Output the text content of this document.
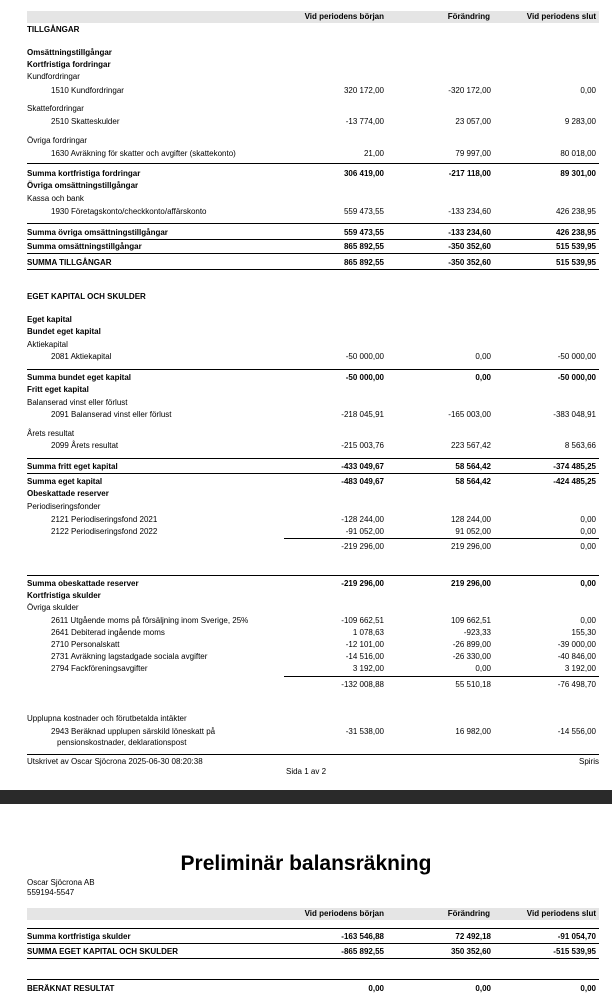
Vid periodens början	Förändring	Vid periodens slut
TILLGÅNGAR
Omsättningstillgångar
Kortfristiga fordringar
Kundfordringar
1510 Kundfordringar	320 172,00	-320 172,00	0,00
Skattefordringar
2510 Skatteskulder	-13 774,00	23 057,00	9 283,00
Övriga fordringar
1630 Avräkning för skatter och avgifter (skattekonto)	21,00	79 997,00	80 018,00
Summa kortfristiga fordringar	306 419,00	-217 118,00	89 301,00
Övriga omsättningstillgångar
Kassa och bank
1930 Företagskonto/checkkonto/affärskonto	559 473,55	-133 234,60	426 238,95
Summa övriga omsättningstillgångar	559 473,55	-133 234,60	426 238,95
Summa omsättningstillgångar	865 892,55	-350 352,60	515 539,95
SUMMA TILLGÅNGAR	865 892,55	-350 352,60	515 539,95
EGET KAPITAL OCH SKULDER
Eget kapital
Bundet eget kapital
Aktiekapital
2081 Aktiekapital	-50 000,00	0,00	-50 000,00
Summa bundet eget kapital	-50 000,00	0,00	-50 000,00
Fritt eget kapital
Balanserad vinst eller förlust
2091 Balanserad vinst eller förlust	-218 045,91	-165 003,00	-383 048,91
Årets resultat
2099 Årets resultat	-215 003,76	223 567,42	8 563,66
Summa fritt eget kapital	-433 049,67	58 564,42	-374 485,25
Summa eget kapital	-483 049,67	58 564,42	-424 485,25
Obeskattade reserver
Periodiseringsfonder
2121 Periodiseringsfond 2021	-128 244,00	128 244,00	0,00
2122 Periodiseringsfond 2022	-91 052,00	91 052,00	0,00
-219 296,00	219 296,00	0,00
Summa obeskattade reserver	-219 296,00	219 296,00	0,00
Kortfristiga skulder
Övriga skulder
2611 Utgående moms på försäljning inom Sverige, 25%	-109 662,51	109 662,51	0,00
2641 Debiterad ingående moms	1 078,63	-923,33	155,30
2710 Personalskatt	-12 101,00	-26 899,00	-39 000,00
2731 Avräkning lagstadgade sociala avgifter	-14 516,00	-26 330,00	-40 846,00
2794 Fackföreningsavgifter	3 192,00	0,00	3 192,00
-132 008,88	55 510,18	-76 498,70
Upplupna kostnader och förutbetalda intäkter
2943 Beräknad upplupen särskild löneskatt på	-31 538,00	16 982,00	-14 556,00
pensionskostnader, deklarationspost
Utskrivet av Oscar Sjöcrona 2025-06-30 08:20:38	Spiris
Sida 1 av 2
Preliminär balansräkning
Oscar Sjöcrona AB
559194-5547
Vid periodens början	Förändring	Vid periodens slut
Summa kortfristiga skulder	-163 546,88	72 492,18	-91 054,70
SUMMA EGET KAPITAL OCH SKULDER	-865 892,55	350 352,60	-515 539,95
BERÄKNAT RESULTAT	0,00	0,00	0,00
